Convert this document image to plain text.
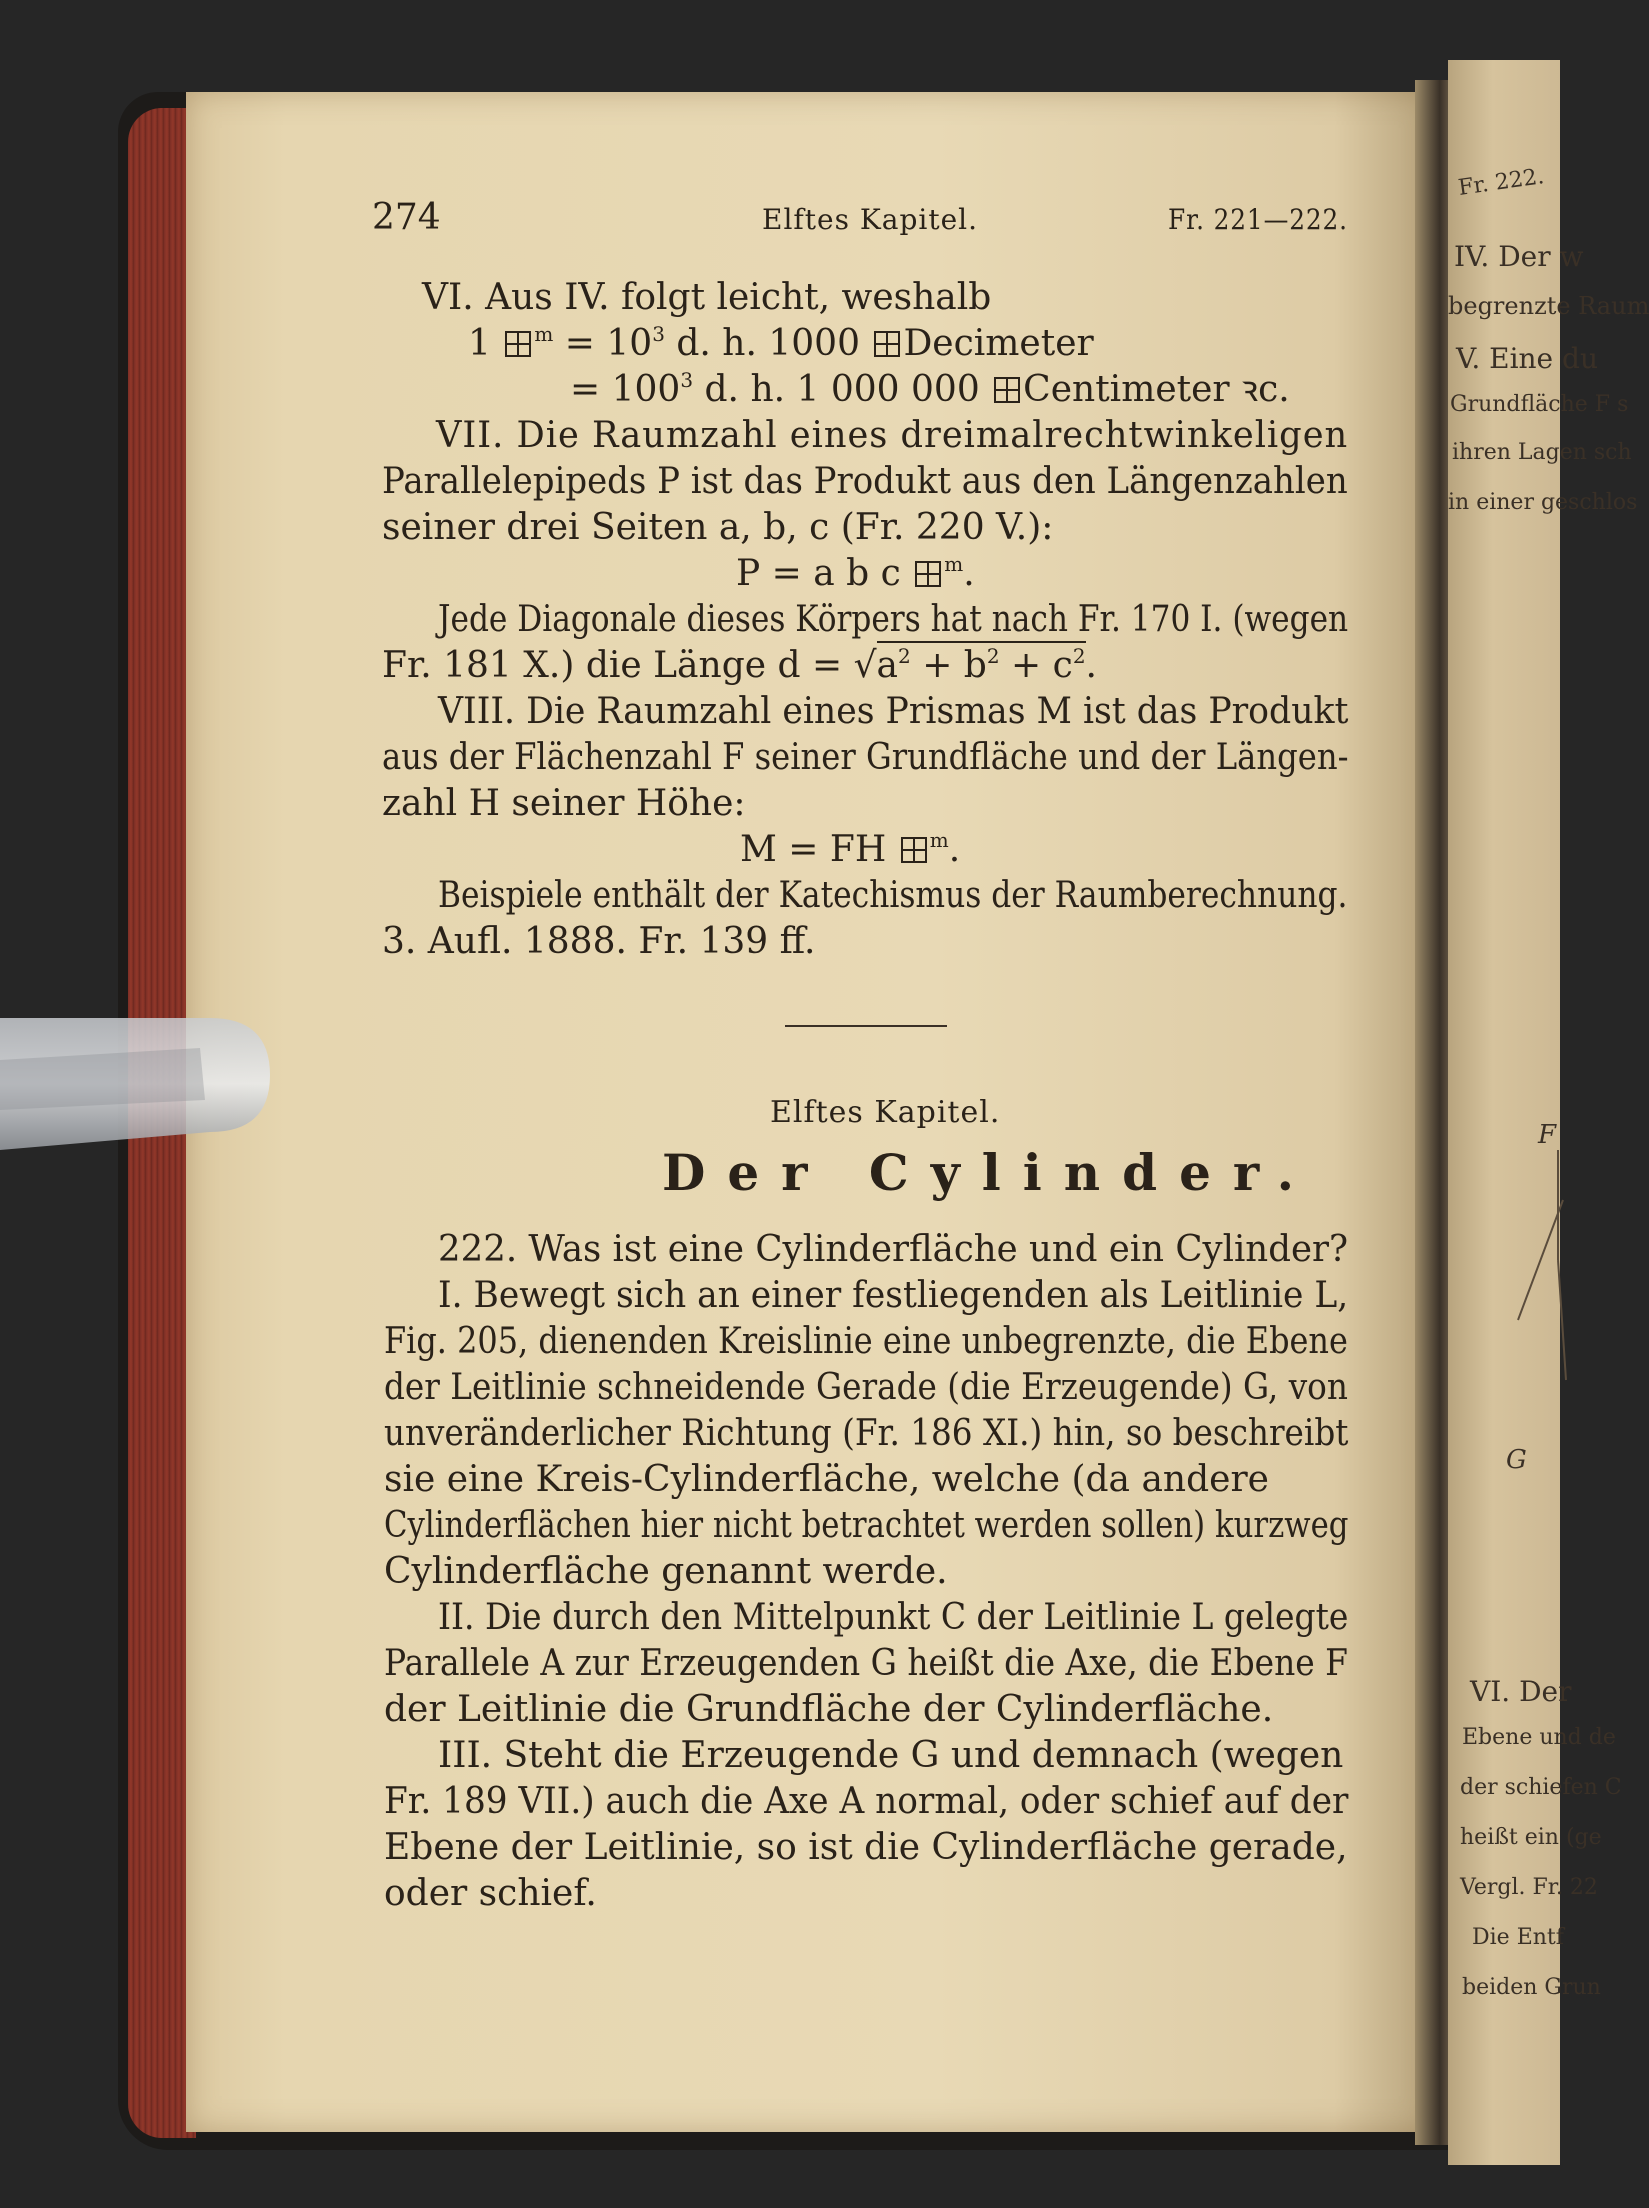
Fr. 222.
IV. Der w
begrenzte Raum
V. Eine du
Grundfläche F s
ihren Lagen sch
in einer geschlos
F
G
VI. Der
Ebene und de
der schiefen C
heißt ein (ge
Vergl. Fr. 22
Die Entf
beiden Grun
274	Elftes Kapitel.	Fr. 221—222.
VI. Aus IV. folgt leicht, weshalb
1 $^m = 10^3$ d. h. 1000 Decimeter
= $100^3$ d. h. 1 000 000 Centimeter ꝛc.
VII. Die Raumzahl eines dreimalrechtwinkeligen
Parallelepipeds P ist das Produkt aus den Längenzahlen
seiner drei Seiten a, b, c (Fr. 220 V.):
P = a b c $^m$.
Jede Diagonale dieses Körpers hat nach Fr. 170 I. (wegen
Fr. 181 X.) die Länge $d = √a^2 + b^2 + c^2$.
VIII. Die Raumzahl eines Prismas M ist das Produkt
aus der Flächenzahl F seiner Grundfläche und der Längen-
zahl H seiner Höhe:
M = FH $^m$.
Beispiele enthält der Katechismus der Raumberechnung.
3. Aufl. 1888. Fr. 139 ff.
Elftes Kapitel.
Der Cylinder.
222. Was ist eine Cylinderfläche und ein Cylinder?
I. Bewegt sich an einer festliegenden als Leitlinie L,
Fig. 205, dienenden Kreislinie eine unbegrenzte, die Ebene
der Leitlinie schneidende Gerade (die Erzeugende) G, von
unveränderlicher Richtung (Fr. 186 XI.) hin, so beschreibt
sie eine Kreis-Cylinderfläche, welche (da andere
Cylinderflächen hier nicht betrachtet werden sollen) kurzweg
Cylinderfläche genannt werde.
II. Die durch den Mittelpunkt C der Leitlinie L gelegte
Parallele A zur Erzeugenden G heißt die Axe, die Ebene F
der Leitlinie die Grundfläche der Cylinderfläche.
III. Steht die Erzeugende G und demnach (wegen
Fr. 189 VII.) auch die Axe A normal, oder schief auf der
Ebene der Leitlinie, so ist die Cylinderfläche gerade,
oder schief.
